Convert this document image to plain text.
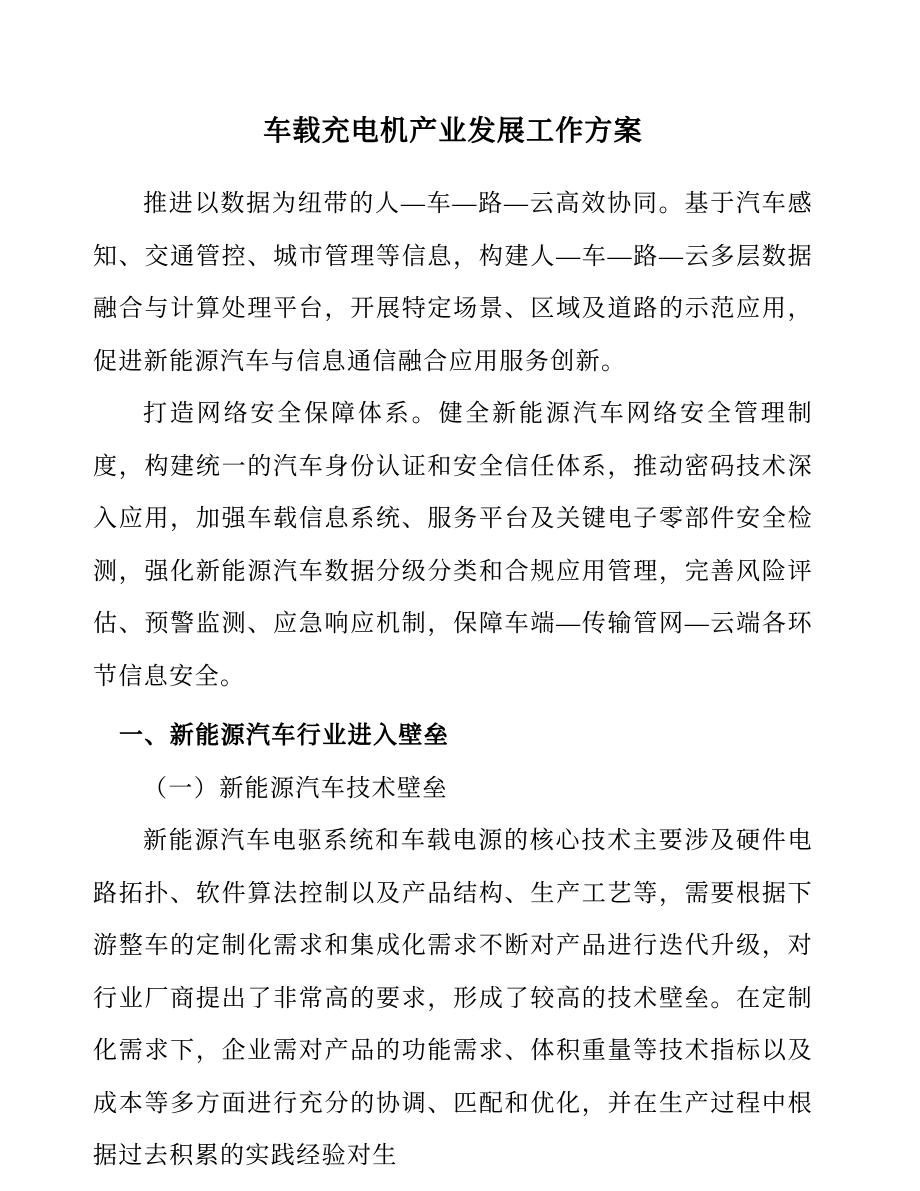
车载充电机产业发展工作方案

推进以数据为纽带的人—车—路—云高效协同。基于汽车感知、交通管控、城市管理等信息，构建人—车—路—云多层数据融合与计算处理平台，开展特定场景、区域及道路的示范应用，促进新能源汽车与信息通信融合应用服务创新。

打造网络安全保障体系。健全新能源汽车网络安全管理制度，构建统一的汽车身份认证和安全信任体系，推动密码技术深入应用，加强车载信息系统、服务平台及关键电子零部件安全检测，强化新能源汽车数据分级分类和合规应用管理，完善风险评估、预警监测、应急响应机制，保障车端—传输管网—云端各环节信息安全。

一、新能源汽车行业进入壁垒
（一）新能源汽车技术壁垒

新能源汽车电驱系统和车载电源的核心技术主要涉及硬件电路拓扑、软件算法控制以及产品结构、生产工艺等，需要根据下游整车的定制化需求和集成化需求不断对产品进行迭代升级，对行业厂商提出了非常高的要求，形成了较高的技术壁垒。在定制化需求下，企业需对产品的功能需求、体积重量等技术指标以及成本等多方面进行充分的协调、匹配和优化，并在生产过程中根据过去积累的实践经验对生
